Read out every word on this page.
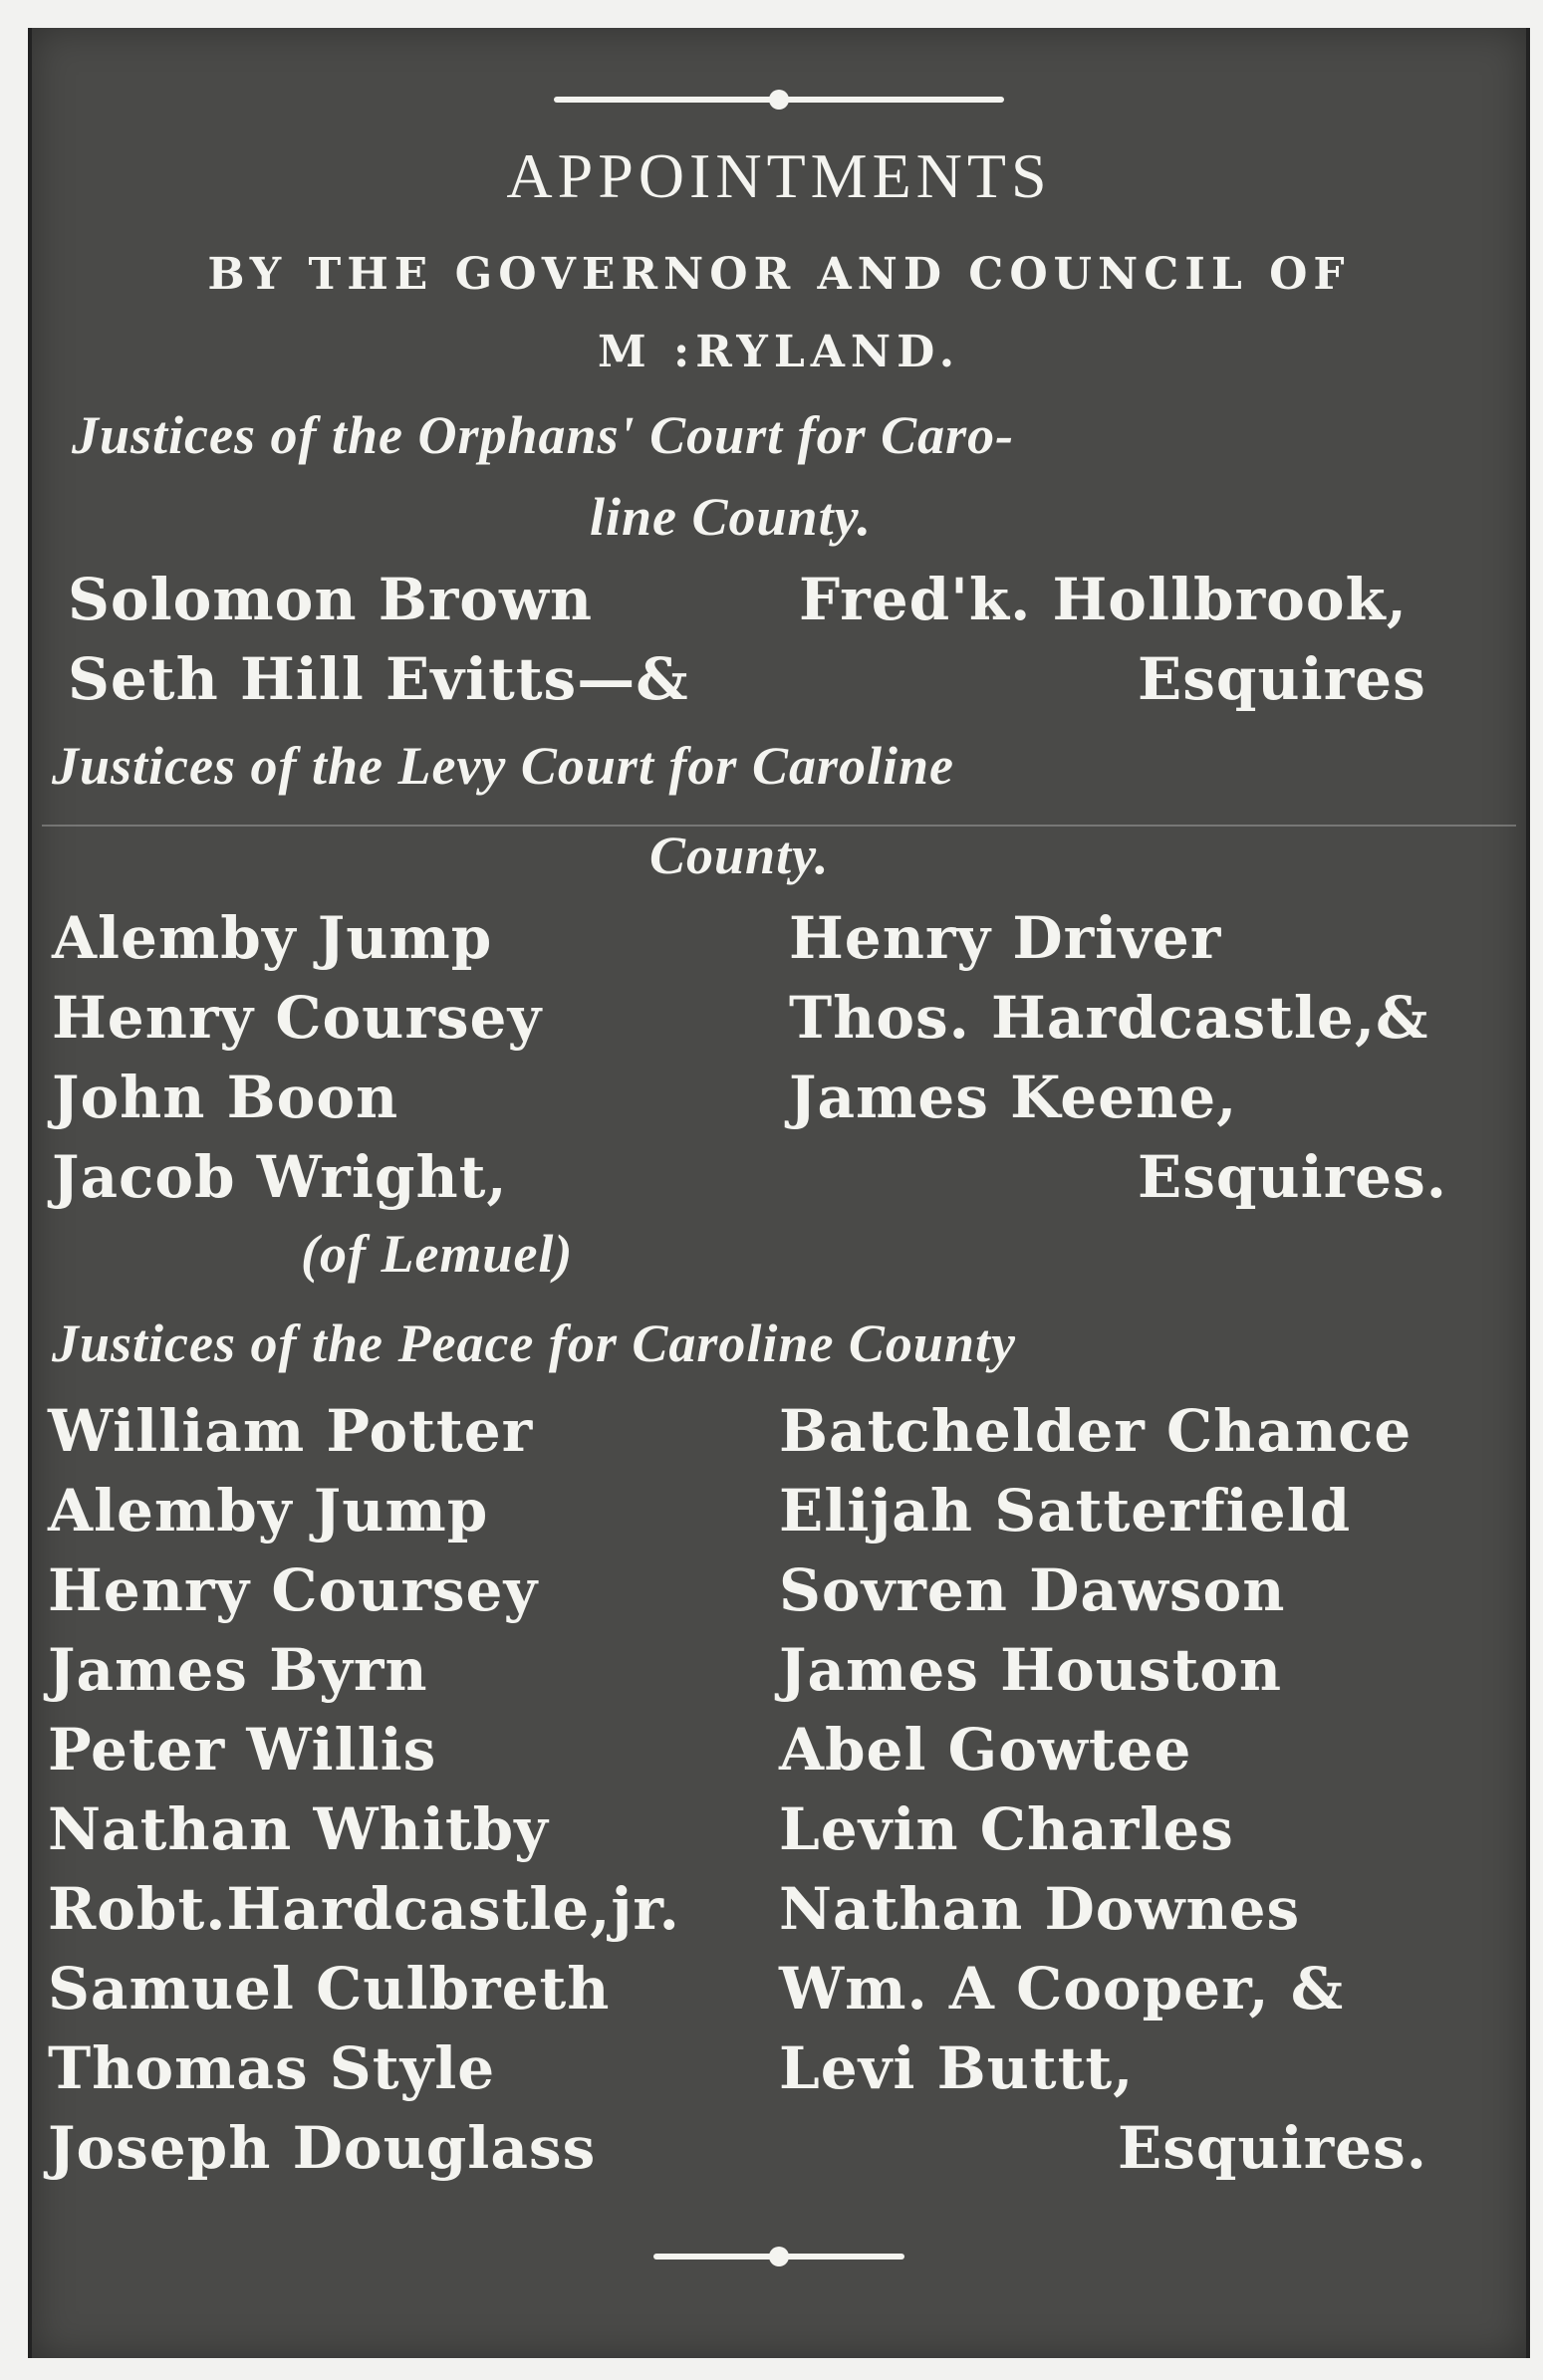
APPOINTMENTS
BY THE GOVERNOR AND COUNCIL OF
M :RYLAND.
Justices of the Orphans' Court for Caro-
line County.
Solomon Brown
Seth Hill Evitts—&
Fred'k. Hollbrook,
Esquires
Justices of the Levy Court for Caroline
County.
Alemby Jump
Henry Coursey
John Boon
Jacob Wright,
(of Lemuel)
Henry Driver
Thos. Hardcastle,&
James Keene,
Esquires.
Justices of the Peace for Caroline County
William Potter
Alemby Jump
Henry Coursey
James Byrn
Peter Willis
Nathan Whitby
Robt.Hardcastle,jr.
Samuel Culbreth
Thomas Style
Joseph Douglass
Batchelder Chance
Elijah Satterfield
Sovren Dawson
James Houston
Abel Gowtee
Levin Charles
Nathan Downes
Wm. A Cooper, &
Levi Buttt,
Esquires.
